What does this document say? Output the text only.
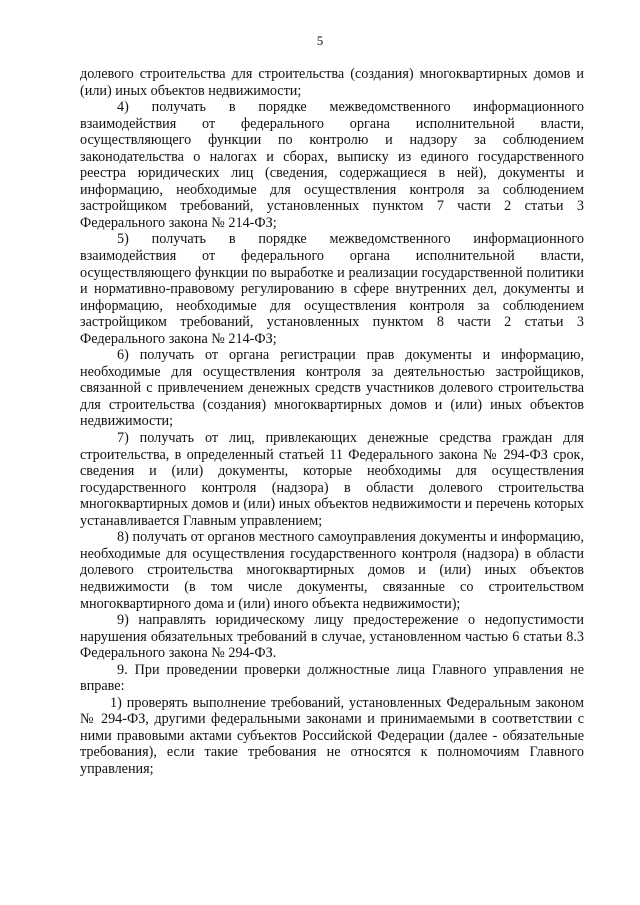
5

долевого строительства для строительства (создания) многоквартирных домов и (или) иных объектов недвижимости;

4) получать в порядке межведомственного информационного взаимодействия от федерального органа исполнительной власти, осуществляющего функции по контролю и надзору за соблюдением законодательства о налогах и сборах, выписку из единого государственного реестра юридических лиц (сведения, содержащиеся в ней), документы и информацию, необходимые для осуществления контроля за соблюдением застройщиком требований, установленных пунктом 7 части 2 статьи 3 Федерального закона № 214-ФЗ;

5) получать в порядке межведомственного информационного взаимодействия от федерального органа исполнительной власти, осуществляющего функции по выработке и реализации государственной политики и нормативно-правовому регулированию в сфере внутренних дел, документы и информацию, необходимые для осуществления контроля за соблюдением застройщиком требований, установленных пунктом 8 части 2 статьи 3 Федерального закона № 214-ФЗ;

6) получать от органа регистрации прав документы и информацию, необходимые для осуществления контроля за деятельностью застройщиков, связанной с привлечением денежных средств участников долевого строительства для строительства (создания) многоквартирных домов и (или) иных объектов недвижимости;

7) получать от лиц, привлекающих денежные средства граждан для строительства, в определенный статьей 11 Федерального закона № 294-ФЗ срок, сведения и (или) документы, которые необходимы для осуществления государственного контроля (надзора) в области долевого строительства многоквартирных домов и (или) иных объектов недвижимости и перечень которых устанавливается Главным управлением;

8) получать от органов местного самоуправления документы и информацию, необходимые для осуществления государственного контроля (надзора) в области долевого строительства многоквартирных домов и (или) иных объектов недвижимости (в том числе документы, связанные со строительством многоквартирного дома и (или) иного объекта недвижимости);

9) направлять юридическому лицу предостережение о недопустимости нарушения обязательных требований в случае, установленном частью 6 статьи 8.3 Федерального закона № 294-ФЗ.

9. При проведении проверки должностные лица Главного управления не вправе:

1) проверять выполнение требований, установленных Федеральным законом № 294-ФЗ, другими федеральными законами и принимаемыми в соответствии с ними правовыми актами субъектов Российской Федерации (далее - обязательные требования), если такие требования не относятся к полномочиям Главного управления;
